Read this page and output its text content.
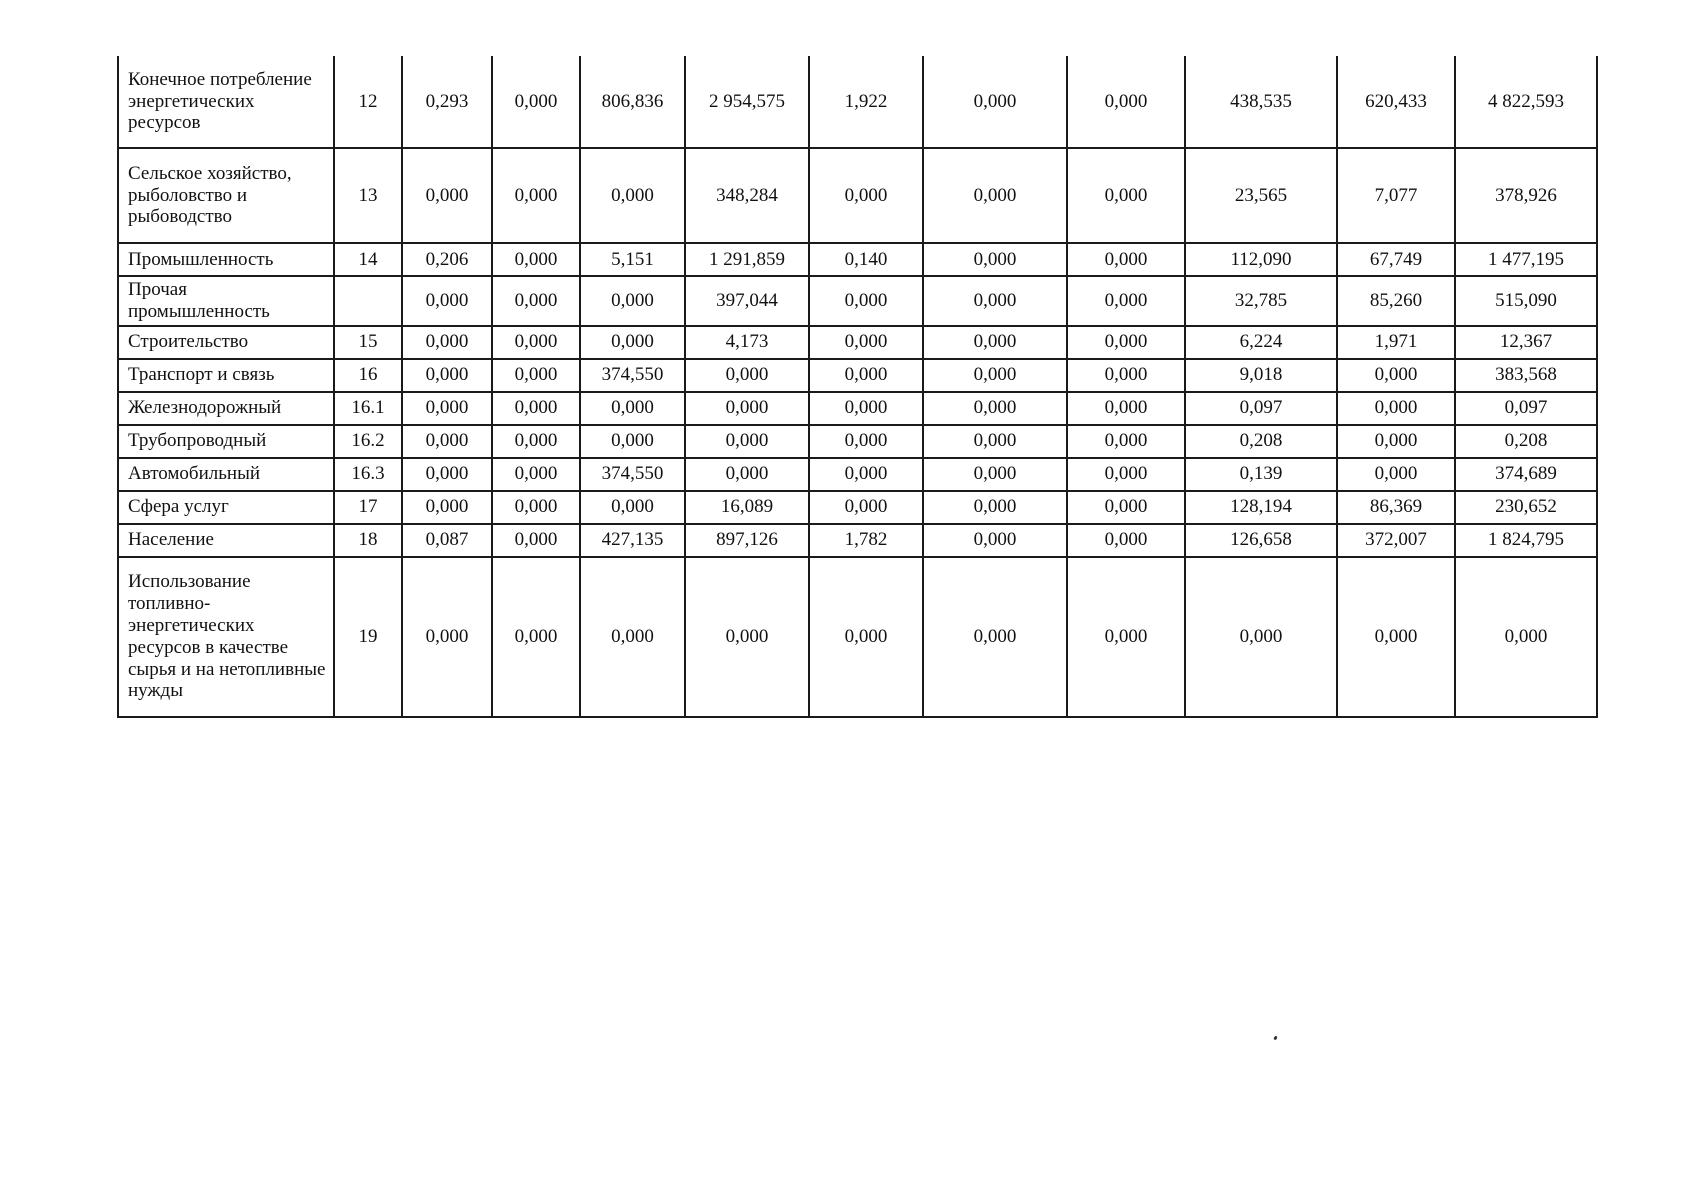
Конечное потребление энергетических ресурсов	12	0,293	0,000	806,836	2 954,575	1,922	0,000	0,000	438,535	620,433	4 822,593
Сельское хозяйство, рыболовство и рыбоводство	13	0,000	0,000	0,000	348,284	0,000	0,000	0,000	23,565	7,077	378,926
Промышленность	14	0,206	0,000	5,151	1 291,859	0,140	0,000	0,000	112,090	67,749	1 477,195
Прочая промышленность		0,000	0,000	0,000	397,044	0,000	0,000	0,000	32,785	85,260	515,090
Строительство	15	0,000	0,000	0,000	4,173	0,000	0,000	0,000	6,224	1,971	12,367
Транспорт и связь	16	0,000	0,000	374,550	0,000	0,000	0,000	0,000	9,018	0,000	383,568
Железнодорожный	16.1	0,000	0,000	0,000	0,000	0,000	0,000	0,000	0,097	0,000	0,097
Трубопроводный	16.2	0,000	0,000	0,000	0,000	0,000	0,000	0,000	0,208	0,000	0,208
Автомобильный	16.3	0,000	0,000	374,550	0,000	0,000	0,000	0,000	0,139	0,000	374,689
Сфера услуг	17	0,000	0,000	0,000	16,089	0,000	0,000	0,000	128,194	86,369	230,652
Население	18	0,087	0,000	427,135	897,126	1,782	0,000	0,000	126,658	372,007	1 824,795
Использование топливно-энергетических ресурсов в качестве сырья и на нетопливные нужды	19	0,000	0,000	0,000	0,000	0,000	0,000	0,000	0,000	0,000	0,000
